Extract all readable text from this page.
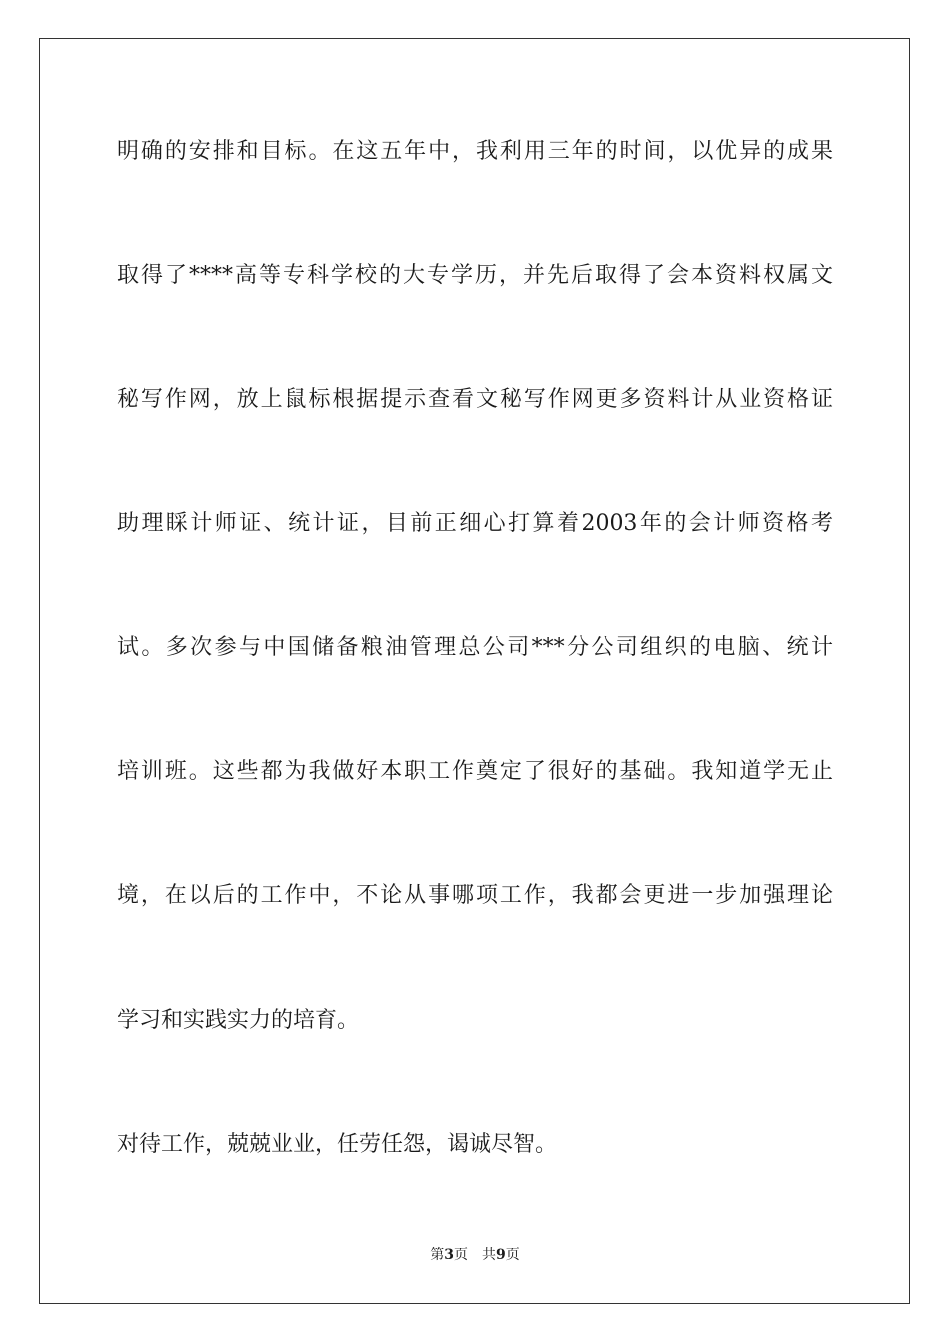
明确的安排和目标。在这五年中，我利用三年的时间，以优异的成果
取得了****高等专科学校的大专学历，并先后取得了会本资料权属文
秘写作网，放上鼠标根据提示查看文秘写作网更多资料计从业资格证
助理睬计师证、统计证，目前正细心打算着2003年的会计师资格考
试。多次参与中国储备粮油管理总公司***分公司组织的电脑、统计
培训班。这些都为我做好本职工作奠定了很好的基础。我知道学无止
境，在以后的工作中，不论从事哪项工作，我都会更进一步加强理论
学习和实践实力的培育。
对待工作，兢兢业业，任劳任怨，谒诚尽智。
第3页 共9页
